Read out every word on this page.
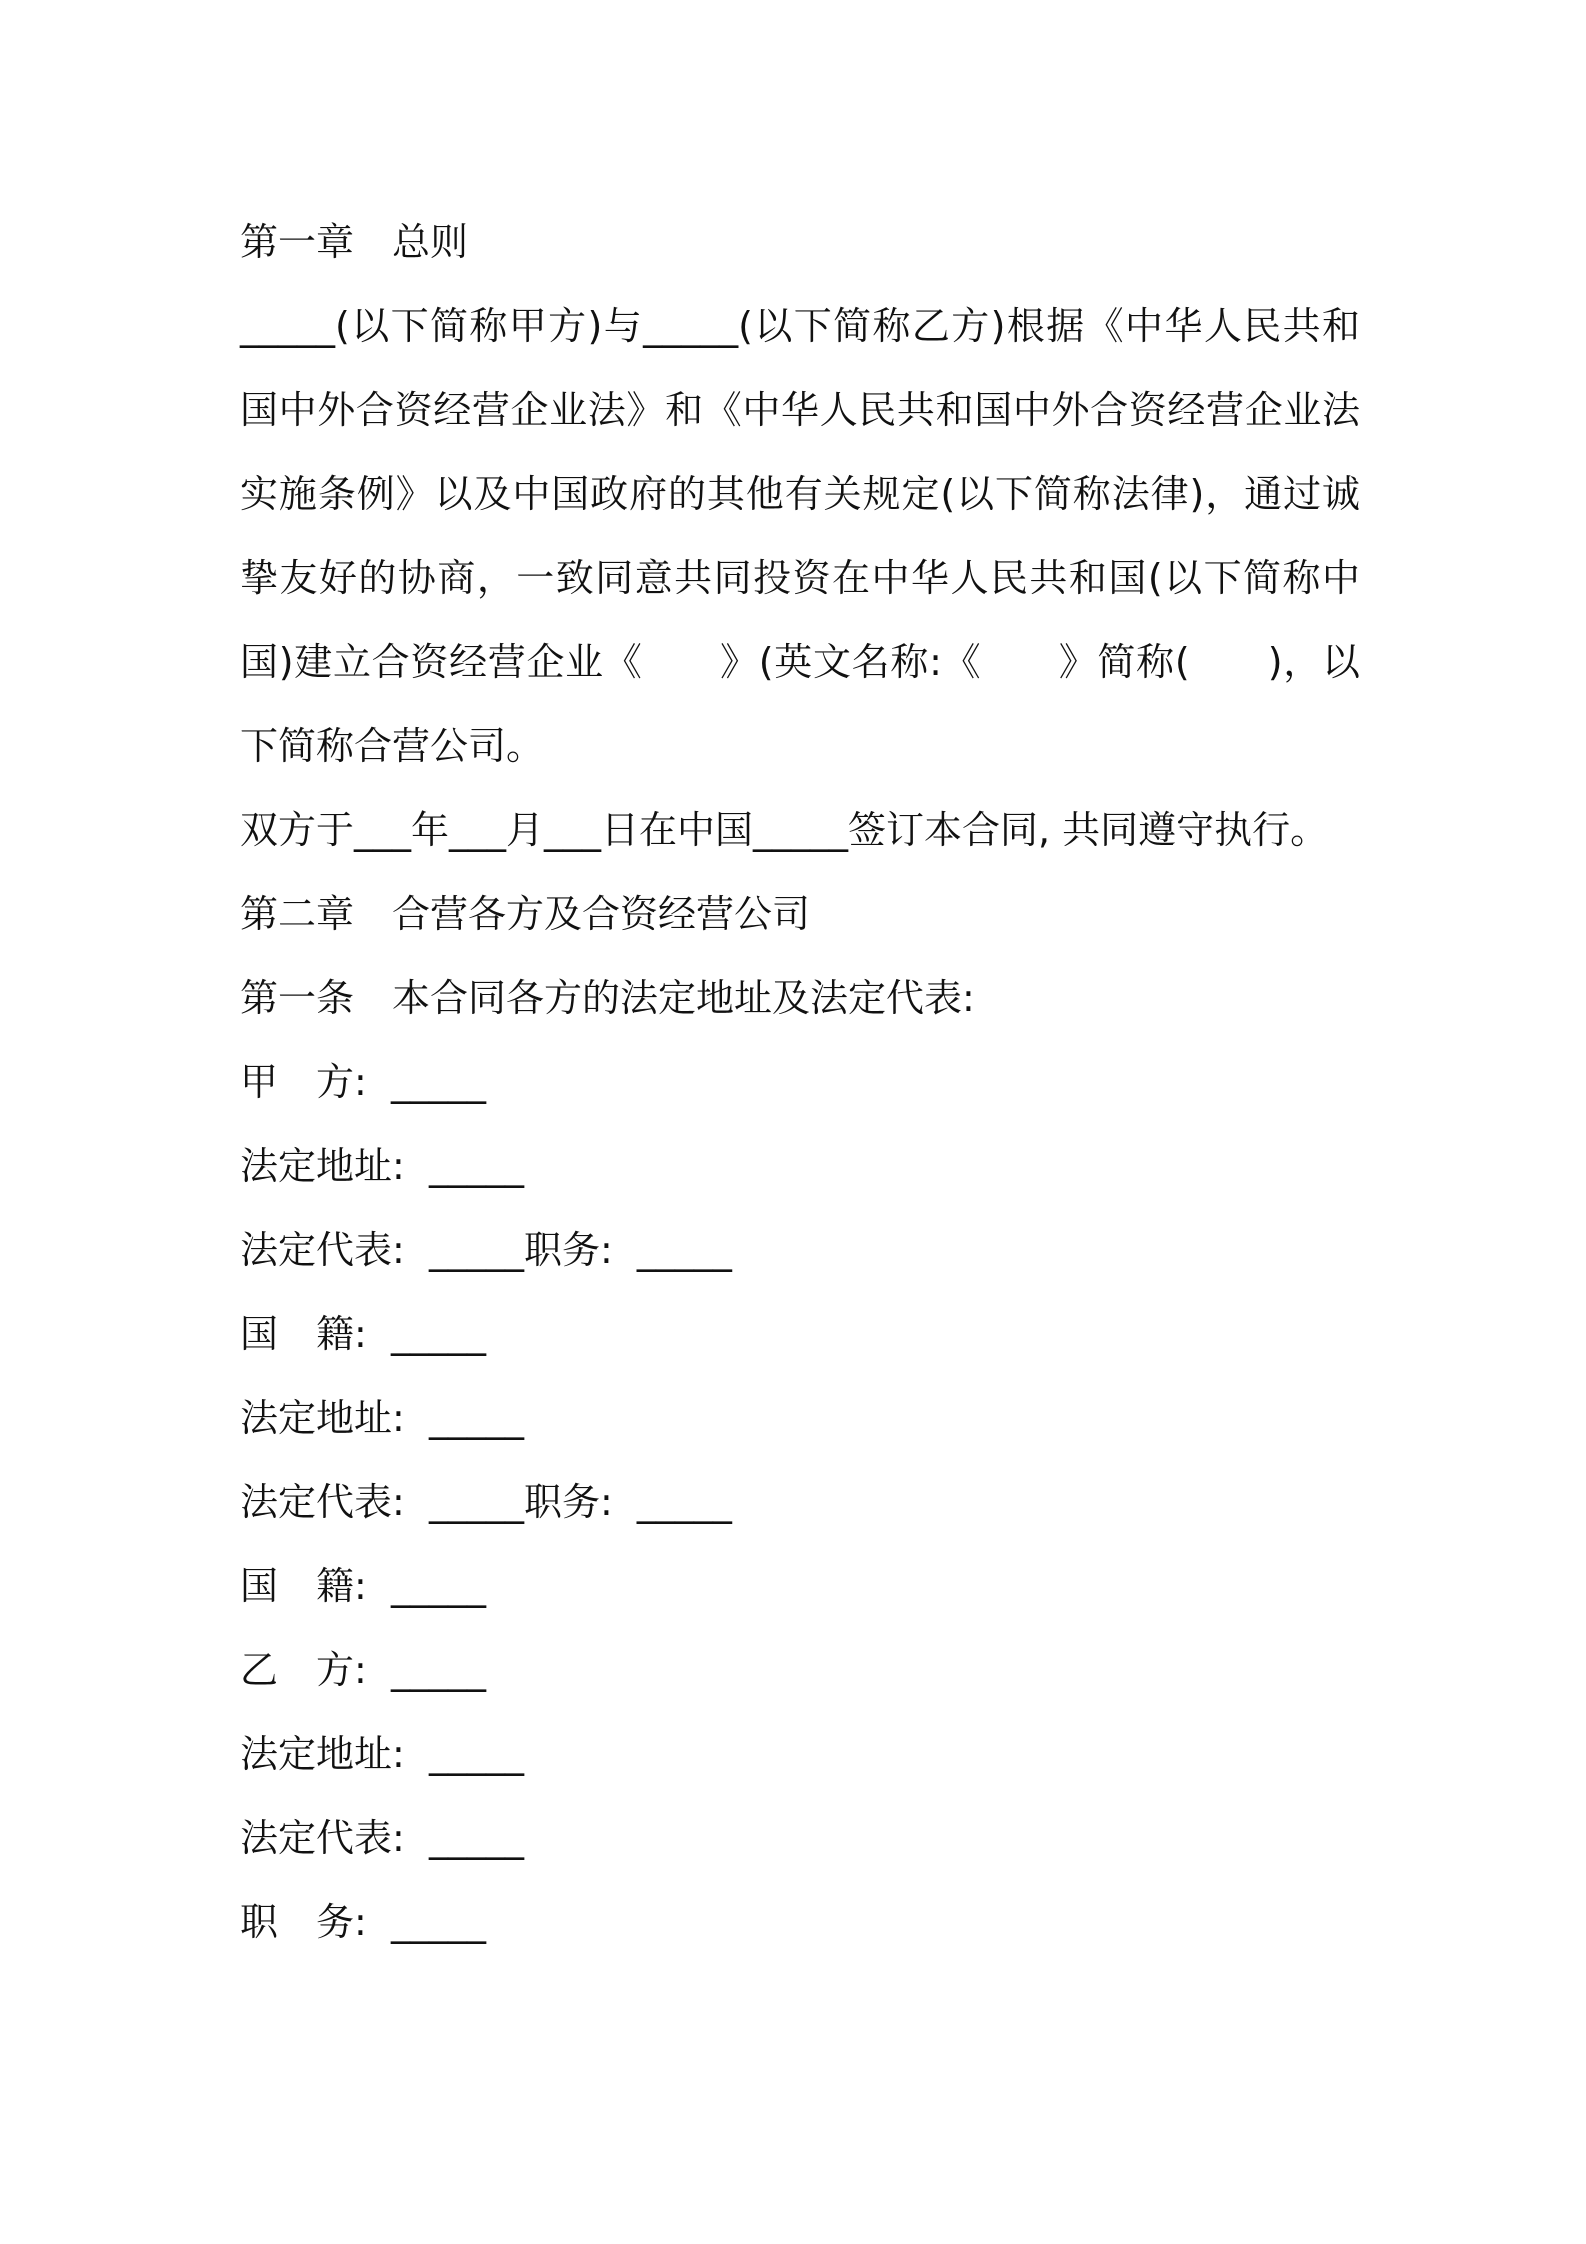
第一章　总则

_____(以下简称甲方)与_____(以下简称乙方)根据《中华人民共和国中外合资经营企业法》和《中华人民共和国中外合资经营企业法实施条例》以及中国政府的其他有关规定(以下简称法律)，通过诚挚友好的协商，一致同意共同投资在中华人民共和国(以下简称中国)建立合资经营企业《　　》(英文名称:《　　》简称(　　)，以下简称合营公司。

双方于___年___月___日在中国_____签订本合同, 共同遵守执行。

第二章　合营各方及合资经营公司
第一条　本合同各方的法定地址及法定代表:
甲　方:  _____
法定地址:  _____
法定代表:  _____职务:  _____
国　籍:  _____
法定地址:  _____
法定代表:  _____职务:  _____
国　籍:  _____
乙　方:  _____
法定地址:  _____
法定代表:  _____
职　务:  _____
